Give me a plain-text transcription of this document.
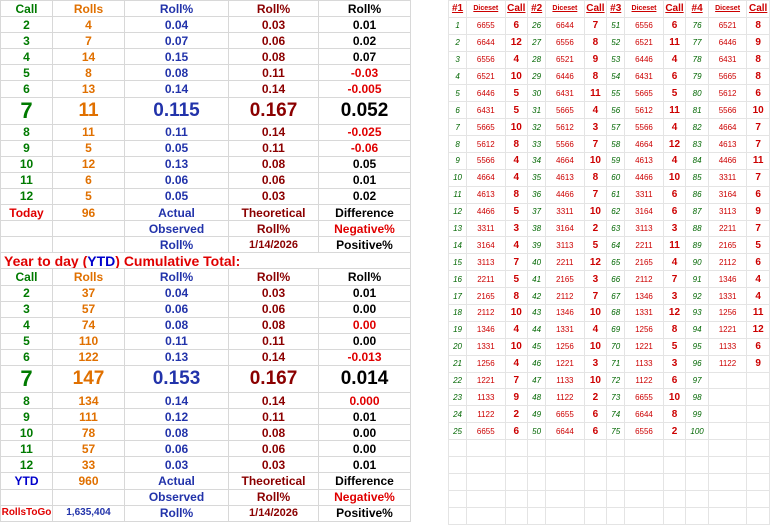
Call	Rolls	Roll%	Roll%	Roll%
2	4	0.04	0.03	0.01
3	7	0.07	0.06	0.02
4	14	0.15	0.08	0.07
5	8	0.08	0.11	-0.03
6	13	0.14	0.14	-0.005
7	11	0.115	0.167	0.052
8	11	0.11	0.14	-0.025
9	5	0.05	0.11	-0.06
10	12	0.13	0.08	0.05
11	6	0.06	0.06	0.01
12	5	0.05	0.03	0.02
Today	96	Actual	Theoretical	Difference
		Observed	Roll%	Negative%
		Roll%	1/14/2026	Positive%
Year to day (YTD) Cumulative Total:				
Call	Rolls	Roll%	Roll%	Roll%
2	37	0.04	0.03	0.01
3	57	0.06	0.06	0.00
4	74	0.08	0.08	0.00
5	110	0.11	0.11	0.00
6	122	0.13	0.14	-0.013
7	147	0.153	0.167	0.014
8	134	0.14	0.14	0.000
9	111	0.12	0.11	0.01
10	78	0.08	0.08	0.00
11	57	0.06	0.06	0.00
12	33	0.03	0.03	0.01
YTD	960	Actual	Theoretical	Difference
		Observed	Roll%	Negative%
RollsToGo	1,635,404	Roll%	1/14/2026	Positive%
#1	Diceset	Call	#2	Diceset	Call	#3	Diceset	Call	#4	Diceset	Call
1	6655	6	26	6644	7	51	6556	6	76	6521	8
2	6644	12	27	6556	8	52	6521	11	77	6446	9
3	6556	4	28	6521	9	53	6446	4	78	6431	8
4	6521	10	29	6446	8	54	6431	6	79	5665	8
5	6446	5	30	6431	11	55	5665	5	80	5612	6
6	6431	5	31	5665	4	56	5612	11	81	5566	10
7	5665	10	32	5612	3	57	5566	4	82	4664	7
8	5612	8	33	5566	7	58	4664	12	83	4613	7
9	5566	4	34	4664	10	59	4613	4	84	4466	11
10	4664	4	35	4613	8	60	4466	10	85	3311	7
11	4613	8	36	4466	7	61	3311	6	86	3164	6
12	4466	5	37	3311	10	62	3164	6	87	3113	9
13	3311	3	38	3164	2	63	3113	3	88	2211	7
14	3164	4	39	3113	5	64	2211	11	89	2165	5
15	3113	7	40	2211	12	65	2165	4	90	2112	6
16	2211	5	41	2165	3	66	2112	7	91	1346	4
17	2165	8	42	2112	7	67	1346	3	92	1331	4
18	2112	10	43	1346	10	68	1331	12	93	1256	11
19	1346	4	44	1331	4	69	1256	8	94	1221	12
20	1331	10	45	1256	10	70	1221	5	95	1133	6
21	1256	4	46	1221	3	71	1133	3	96	1122	9
22	1221	7	47	1133	10	72	1122	6	97		
23	1133	9	48	1122	2	73	6655	10	98		
24	1122	2	49	6655	6	74	6644	8	99		
25	6655	6	50	6644	6	75	6556	2	100		
